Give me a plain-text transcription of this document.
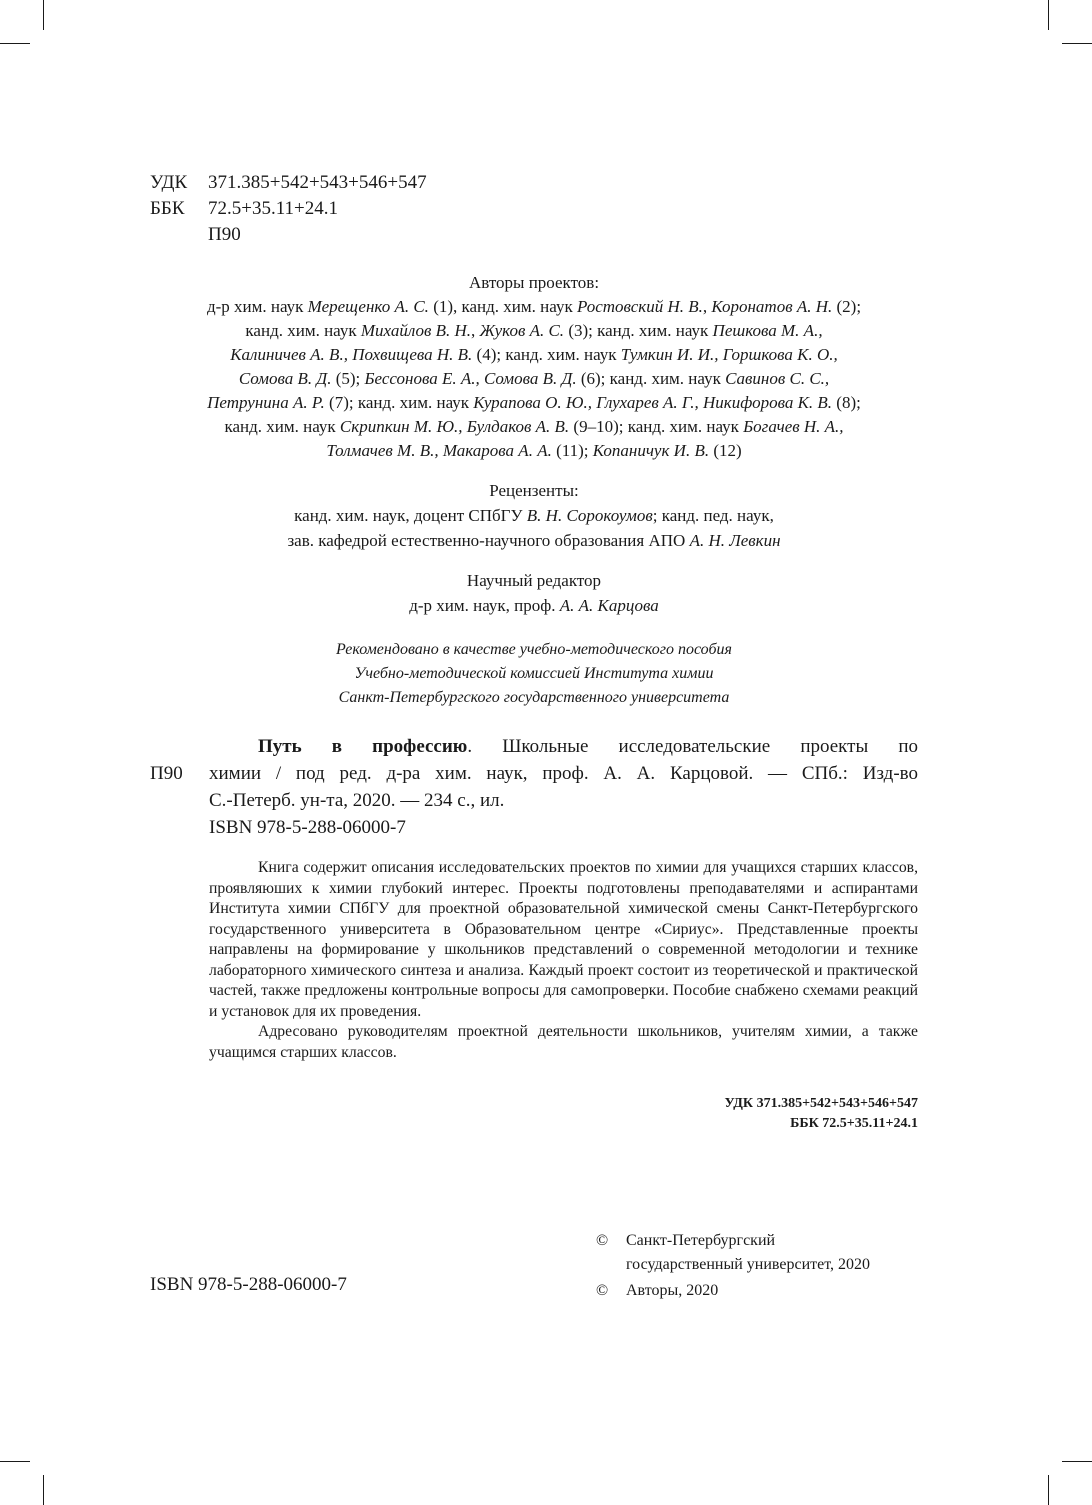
УДК 371.385+542+543+546+547
ББК 72.5+35.11+24.1
П90
Авторы проектов:
д-р хим. наук Мерещенко А. С. (1), канд. хим. наук Ростовский Н. В., Коронатов А. Н. (2);
канд. хим. наук Михайлов В. Н., Жуков А. С. (3); канд. хим. наук Пешкова М. А.,
Калиничев А. В., Похвищева Н. В. (4); канд. хим. наук Тумкин И. И., Горшкова К. О.,
Сомова В. Д. (5); Бессонова Е. А., Сомова В. Д. (6); канд. хим. наук Савинов С. С.,
Петрунина А. Р. (7); канд. хим. наук Курапова О. Ю., Глухарев А. Г., Никифорова К. В. (8);
канд. хим. наук Скрипкин М. Ю., Булдаков А. В. (9–10); канд. хим. наук Богачев Н. А.,
Толмачев М. В., Макарова А. А. (11); Копаничук И. В. (12)
Рецензенты:
канд. хим. наук, доцент СПбГУ В. Н. Сорокоумов; канд. пед. наук,
зав. кафедрой естественно-научного образования АПО А. Н. Левкин
Научный редактор
д-р хим. наук, проф. А. А. Карцова
Рекомендовано в качестве учебно-методического пособия
Учебно-методической комиссией Института химии
Санкт-Петербургского государственного университета
П90
Путь в профессию. Школьные исследовательские проекты по
химии / под ред. д-ра хим. наук, проф. А. А. Карцовой. — СПб.: Изд-во
С.-Петерб. ун-та, 2020. — 234 с., ил.
ISBN 978-5-288-06000-7

Книга содержит описания исследовательских проектов по химии для учащихся старших классов, проявляюших к химии глубокий интерес. Проекты подготовлены преподавателями и аспирантами Института химии СПбГУ для проектной образовательной химической смены Санкт-Петербургского государственного университета в Образовательном центре «Сириус». Представленные проекты направлены на формирование у школьников представлений о современной методологии и технике лабораторного химического синтеза и анализа. Каждый проект состоит из теоретической и практической частей, также предложены контрольные вопросы для самопроверки. Пособие снабжено схемами реакций и установок для их проведения.

Адресовано руководителям проектной деятельности школьников, учителям химии, а также учащимся старших классов.

УДК 371.385+542+543+546+547
ББК 72.5+35.11+24.1
ISBN 978-5-288-06000-7
©	Санкт-Петербургский
государственный университет, 2020
©	Авторы, 2020
